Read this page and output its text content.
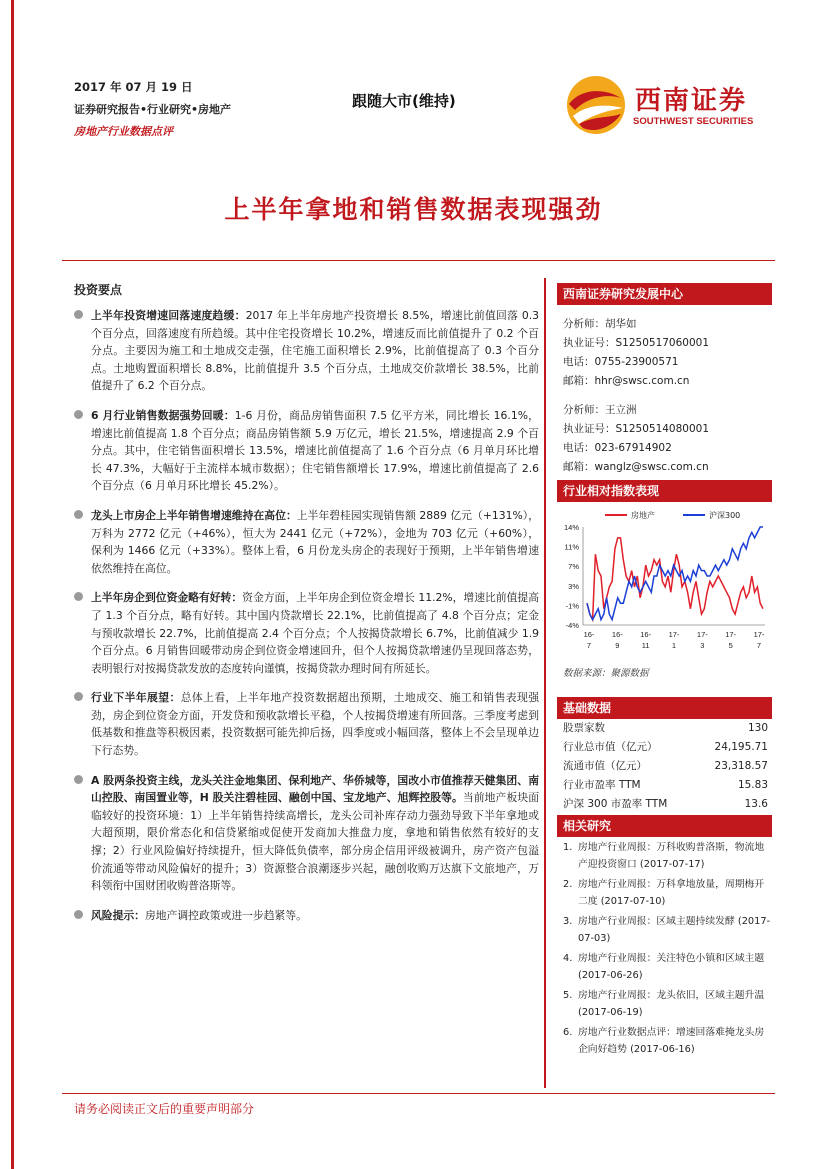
2017 年 07 月 19 日
证券研究报告•行业研究•房地产
房地产行业数据点评
跟随大市(维持)	西南证券
SOUTHWEST SECURITIES
上半年拿地和销售数据表现强劲
投资要点
上半年投资增速回落速度趋缓：2017 年上半年房地产投资增长 8.5%，增速比前值回落 0.3 个百分点，回落速度有所趋缓。其中住宅投资增长 10.2%，增速反而比前值提升了 0.2 个百分点。主要因为施工和土地成交走强，住宅施工面积增长 2.9%，比前值提高了 0.3 个百分点。土地购置面积增长 8.8%，比前值提升 3.5 个百分点，土地成交价款增长 38.5%，比前值提升了 6.2 个百分点。
6 月行业销售数据强势回暖：1-6 月份，商品房销售面积 7.5 亿平方米，同比增长 16.1%，增速比前值提高 1.8 个百分点；商品房销售额 5.9 万亿元，增长 21.5%，增速提高 2.9 个百分点。其中，住宅销售面积增长 13.5%，增速比前值提高了 1.6 个百分点（6 月单月环比增长 47.3%，大幅好于主流样本城市数据）；住宅销售额增长 17.9%，增速比前值提高了 2.6 个百分点（6 月单月环比增长 45.2%）。
龙头上市房企上半年销售增速维持在高位：上半年碧桂园实现销售额 2889 亿元（+131%），万科为 2772 亿元（+46%），恒大为 2441 亿元（+72%），金地为 703 亿元（+60%），保利为 1466 亿元（+33%）。整体上看，6 月份龙头房企的表现好于预期，上半年销售增速依然维持在高位。
上半年房企到位资金略有好转：资金方面，上半年房企到位资金增长 11.2%，增速比前值提高了 1.3 个百分点，略有好转。其中国内贷款增长 22.1%，比前值提高了 4.8 个百分点；定金与预收款增长 22.7%，比前值提高 2.4 个百分点；个人按揭贷款增长 6.7%，比前值减少 1.9 个百分点。6 月销售回暖带动房企到位资金增速回升，但个人按揭贷款增速仍呈现回落态势，表明银行对按揭贷款发放的态度转向谨慎，按揭贷款办理时间有所延长。
行业下半年展望：总体上看，上半年地产投资数据超出预期，土地成交、施工和销售表现强劲，房企到位资金方面，开发贷和预收款增长平稳，个人按揭贷增速有所回落。三季度考虑到低基数和推盘等积极因素，投资数据可能先抑后扬，四季度或小幅回落，整体上不会呈现单边下行态势。
A 股两条投资主线，龙头关注金地集团、保利地产、华侨城等，国改小市值推荐天健集团、南山控股、南国置业等，H 股关注碧桂园、融创中国、宝龙地产、旭辉控股等。当前地产板块面临较好的投资环境：1）上半年销售持续高增长，龙头公司补库存动力强劲导致下半年拿地或大超预期，限价常态化和信贷紧缩或促使开发商加大推盘力度，拿地和销售依然有较好的支撑；2）行业风险偏好持续提升，恒大降低负债率，部分房企信用评级被调升，房产资产包溢价流通等带动风险偏好的提升；3）资源整合浪潮逐步兴起，融创收购万达旗下文旅地产，万科领衔中国财团收购普洛斯等。
风险提示：房地产调控政策或进一步趋紧等。
西南证券研究发展中心
分析师：胡华如
执业证号：S1250517060001
电话：0755-23900571
邮箱：hhr@swsc.com.cn
分析师：王立洲
执业证号：S1250514080001
电话：023-67914902
邮箱：wanglz@swsc.com.cn
行业相对指数表现
14%
11%
7%
3%
-1%
-4%
16-
7
16-
9
16-
11
17-
1
17-
3
17-
5
17-
7
房地产	沪深300
数据来源：聚源数据
基础数据
股票家数	130
行业总市值（亿元）	24,195.71
流通市值（亿元）	23,318.57
行业市盈率 TTM	15.83
沪深 300 市盈率 TTM	13.6
相关研究
1. 房地产行业周报：万科收购普洛斯，物流地产迎投资窗口 (2017-07-17)
2. 房地产行业周报：万科拿地放量，周期梅开二度 (2017-07-10)
3. 房地产行业周报：区域主题持续发酵 (2017-07-03)
4. 房地产行业周报：关注特色小镇和区域主题 (2017-06-26)
5. 房地产行业周报：龙头依旧，区域主题升温 (2017-06-19)
6. 房地产行业数据点评：增速回落难掩龙头房企向好趋势 (2017-06-16)
请务必阅读正文后的重要声明部分
